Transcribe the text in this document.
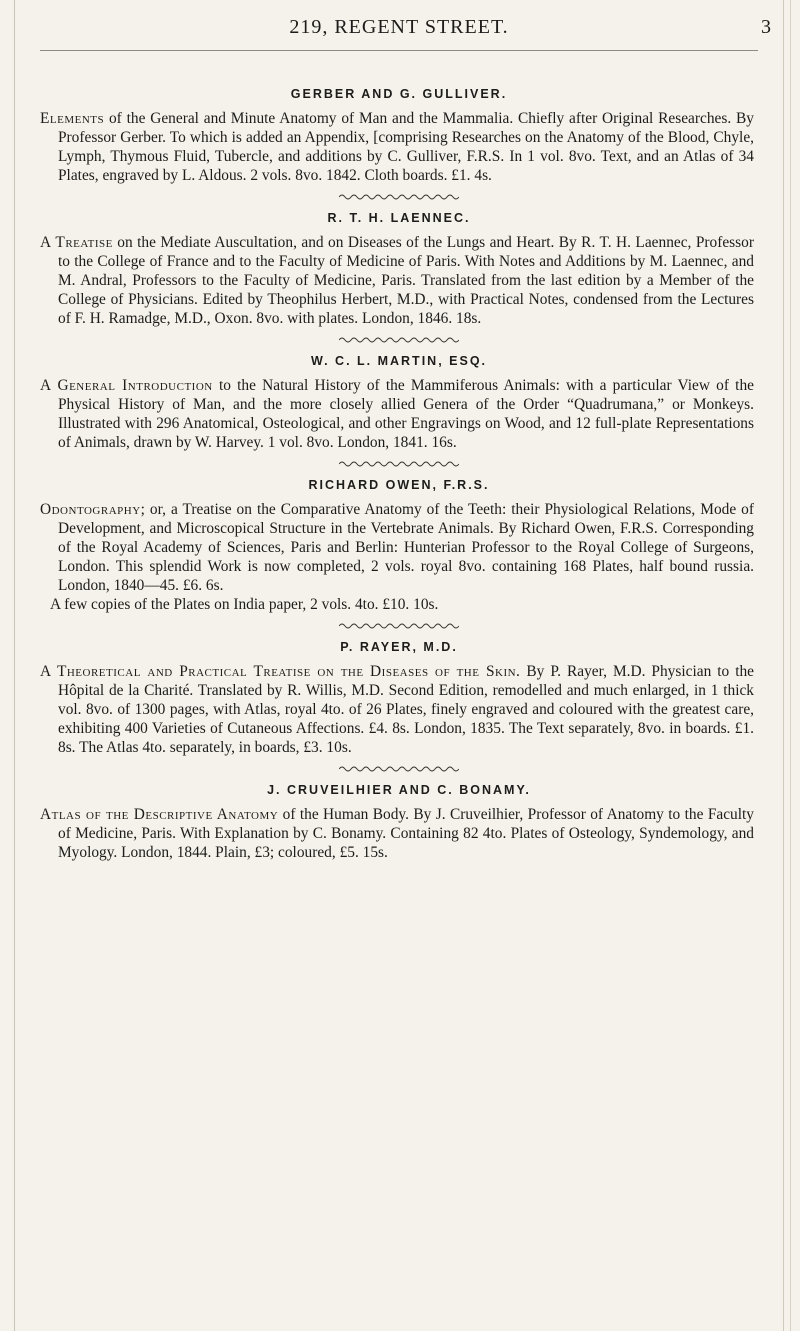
219, REGENT STREET.	3
GERBER AND G. GULLIVER.

Elements of the General and Minute Anatomy of Man and the Mammalia. Chiefly after Original Researches. By Professor Gerber. To which is added an Appendix, [comprising Researches on the Anatomy of the Blood, Chyle, Lymph, Thymous Fluid, Tubercle, and additions by C. Gulliver, F.R.S. In 1 vol. 8vo. Text, and an Atlas of 34 Plates, engraved by L. Aldous. 2 vols. 8vo. 1842. Cloth boards. £1. 4s.

R. T. H. LAENNEC.

A Treatise on the Mediate Auscultation, and on Diseases of the Lungs and Heart. By R. T. H. Laennec, Professor to the College of France and to the Faculty of Medicine of Paris. With Notes and Additions by M. Laennec, and M. Andral, Professors to the Faculty of Medicine, Paris. Translated from the last edition by a Member of the College of Physicians. Edited by Theophilus Herbert, M.D., with Practical Notes, condensed from the Lectures of F. H. Ramadge, M.D., Oxon. 8vo. with plates. London, 1846. 18s.

W. C. L. MARTIN, ESQ.

A General Introduction to the Natural History of the Mammiferous Animals: with a particular View of the Physical History of Man, and the more closely allied Genera of the Order “Quadrumana,” or Monkeys. Illustrated with 296 Anatomical, Osteological, and other Engravings on Wood, and 12 full-plate Representations of Animals, drawn by W. Harvey. 1 vol. 8vo. London, 1841. 16s.

RICHARD OWEN, F.R.S.

Odontography; or, a Treatise on the Comparative Anatomy of the Teeth: their Physiological Relations, Mode of Development, and Microscopical Structure in the Vertebrate Animals. By Richard Owen, F.R.S. Corresponding of the Royal Academy of Sciences, Paris and Berlin: Hunterian Professor to the Royal College of Surgeons, London. This splendid Work is now completed, 2 vols. royal 8vo. containing 168 Plates, half bound russia. London, 1840—45. £6. 6s.

A few copies of the Plates on India paper, 2 vols. 4to. £10. 10s.

P. RAYER, M.D.

A Theoretical and Practical Treatise on the Diseases of the Skin. By P. Rayer, M.D. Physician to the Hôpital de la Charité. Translated by R. Willis, M.D. Second Edition, remodelled and much enlarged, in 1 thick vol. 8vo. of 1300 pages, with Atlas, royal 4to. of 26 Plates, finely engraved and coloured with the greatest care, exhibiting 400 Varieties of Cutaneous Affections. £4. 8s. London, 1835. The Text separately, 8vo. in boards. £1. 8s. The Atlas 4to. separately, in boards, £3. 10s.

J. CRUVEILHIER AND C. BONAMY.

Atlas of the Descriptive Anatomy of the Human Body. By J. Cruveilhier, Professor of Anatomy to the Faculty of Medicine, Paris. With Explanation by C. Bonamy. Containing 82 4to. Plates of Osteology, Syndemology, and Myology. London, 1844. Plain, £3; coloured, £5. 15s.
